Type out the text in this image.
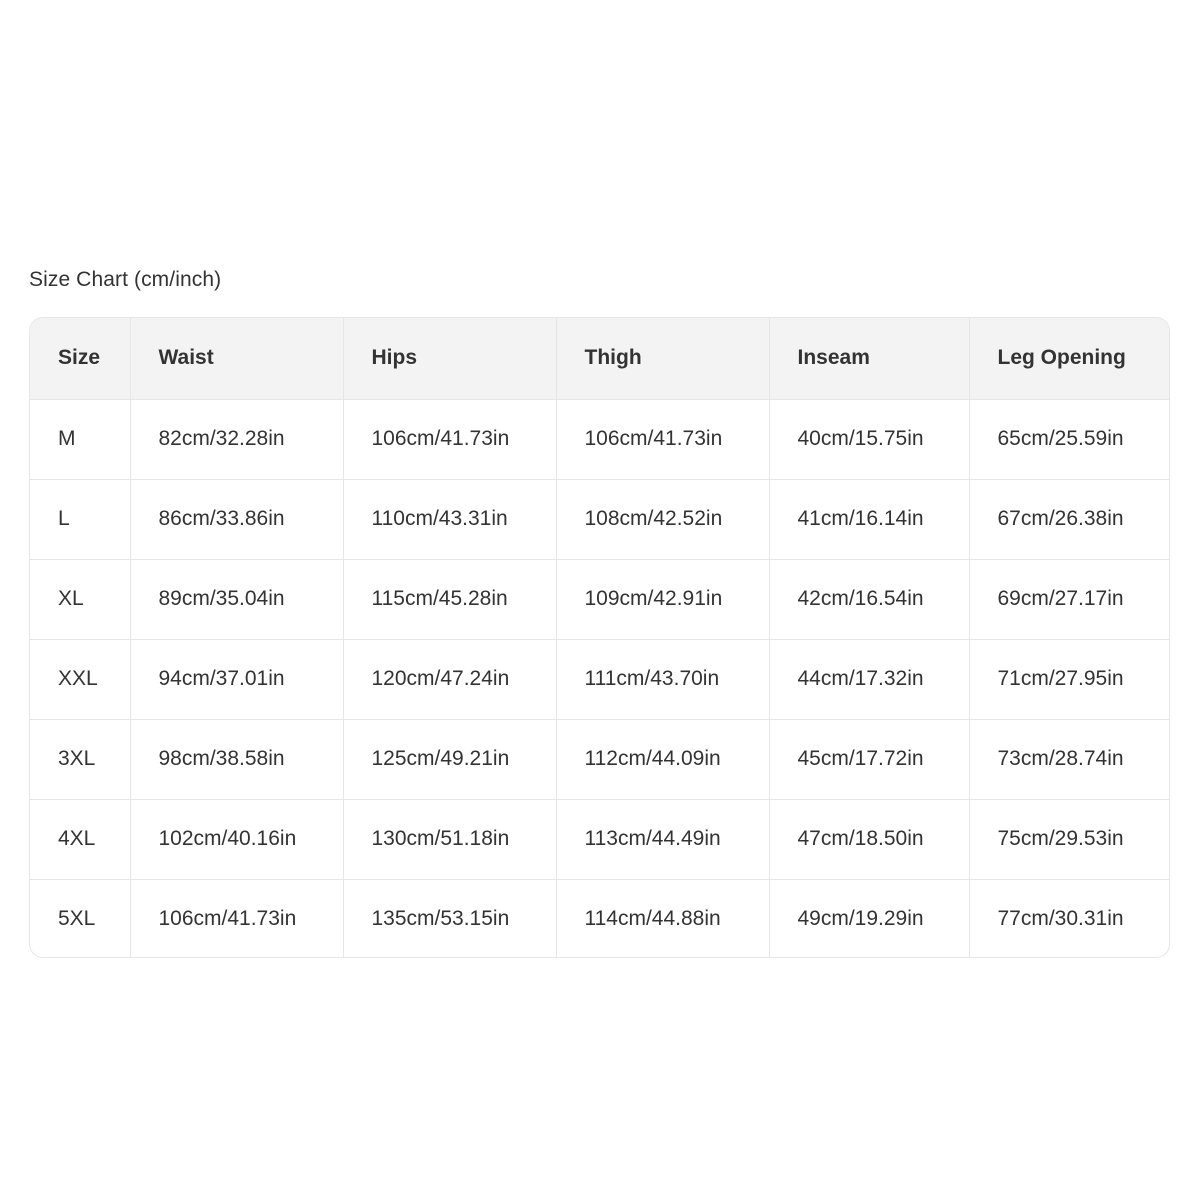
Size Chart (cm/inch)
Size	Waist	Hips	Thigh	Inseam	Leg Opening
M	82cm/32.28in	106cm/41.73in	106cm/41.73in	40cm/15.75in	65cm/25.59in
L	86cm/33.86in	110cm/43.31in	108cm/42.52in	41cm/16.14in	67cm/26.38in
XL	89cm/35.04in	115cm/45.28in	109cm/42.91in	42cm/16.54in	69cm/27.17in
XXL	94cm/37.01in	120cm/47.24in	111cm/43.70in	44cm/17.32in	71cm/27.95in
3XL	98cm/38.58in	125cm/49.21in	112cm/44.09in	45cm/17.72in	73cm/28.74in
4XL	102cm/40.16in	130cm/51.18in	113cm/44.49in	47cm/18.50in	75cm/29.53in
5XL	106cm/41.73in	135cm/53.15in	114cm/44.88in	49cm/19.29in	77cm/30.31in
